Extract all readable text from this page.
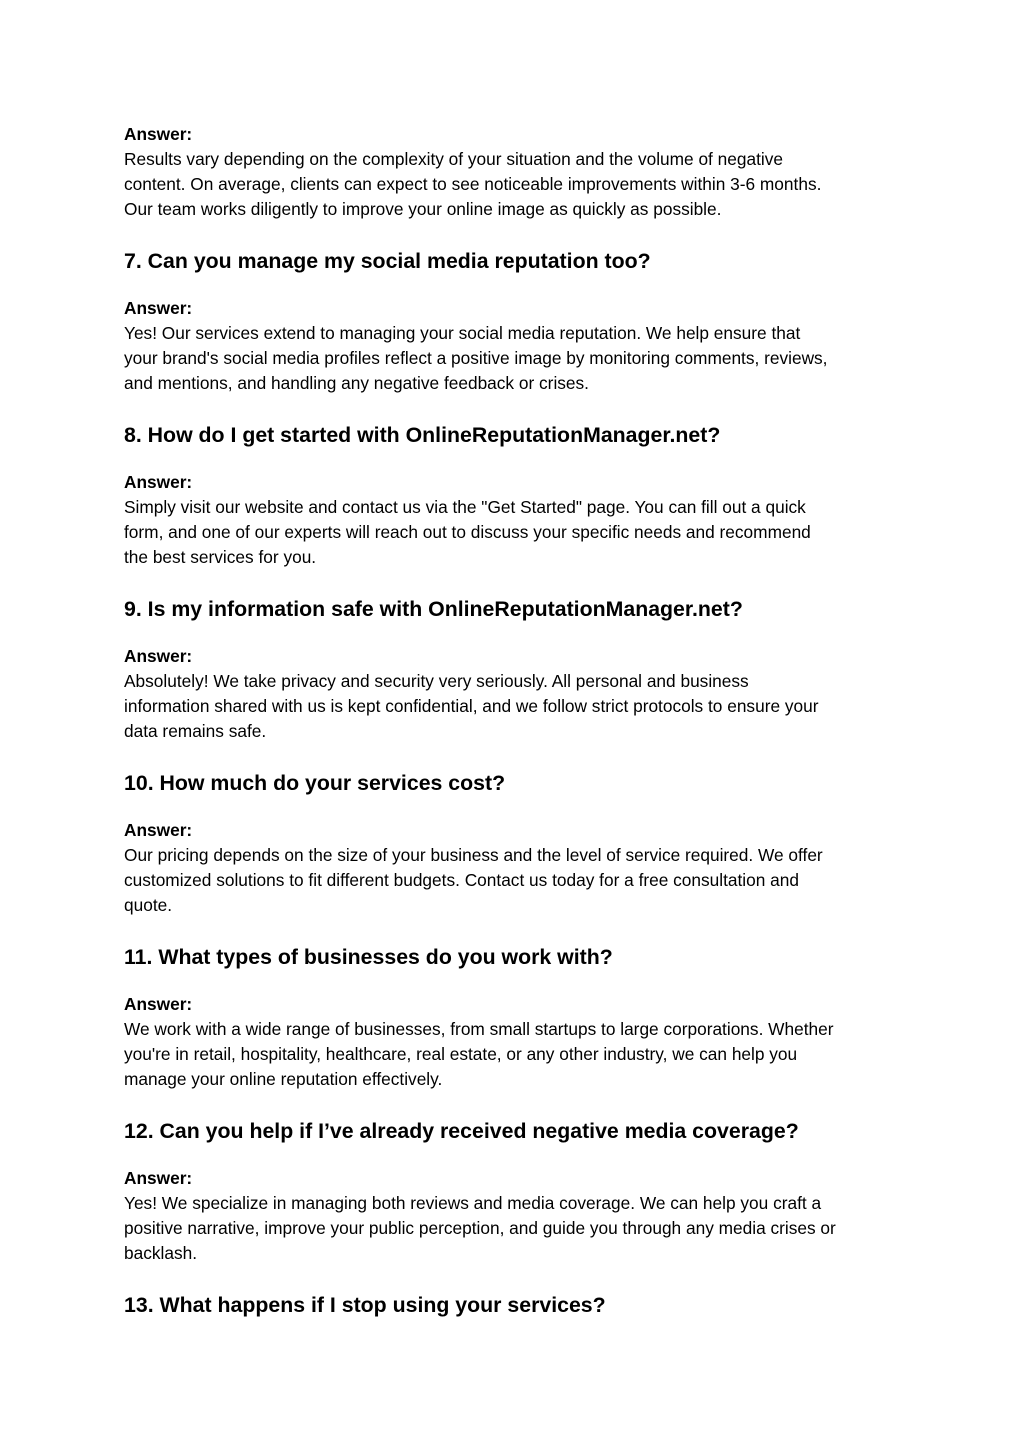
Answer:

Results vary depending on the complexity of your situation and the volume of negative

content. On average, clients can expect to see noticeable improvements within 3-6 months.

Our team works diligently to improve your online image as quickly as possible.

7. Can you manage my social media reputation too?

Answer:

Yes! Our services extend to managing your social media reputation. We help ensure that

your brand's social media profiles reflect a positive image by monitoring comments, reviews,

and mentions, and handling any negative feedback or crises.

8. How do I get started with OnlineReputationManager.net?

Answer:

Simply visit our website and contact us via the "Get Started" page. You can fill out a quick

form, and one of our experts will reach out to discuss your specific needs and recommend

the best services for you.

9. Is my information safe with OnlineReputationManager.net?

Answer:

Absolutely! We take privacy and security very seriously. All personal and business

information shared with us is kept confidential, and we follow strict protocols to ensure your

data remains safe.

10. How much do your services cost?

Answer:

Our pricing depends on the size of your business and the level of service required. We offer

customized solutions to fit different budgets. Contact us today for a free consultation and

quote.

11. What types of businesses do you work with?

Answer:

We work with a wide range of businesses, from small startups to large corporations. Whether

you're in retail, hospitality, healthcare, real estate, or any other industry, we can help you

manage your online reputation effectively.

12. Can you help if I’ve already received negative media coverage?

Answer:

Yes! We specialize in managing both reviews and media coverage. We can help you craft a

positive narrative, improve your public perception, and guide you through any media crises or

backlash.

13. What happens if I stop using your services?
